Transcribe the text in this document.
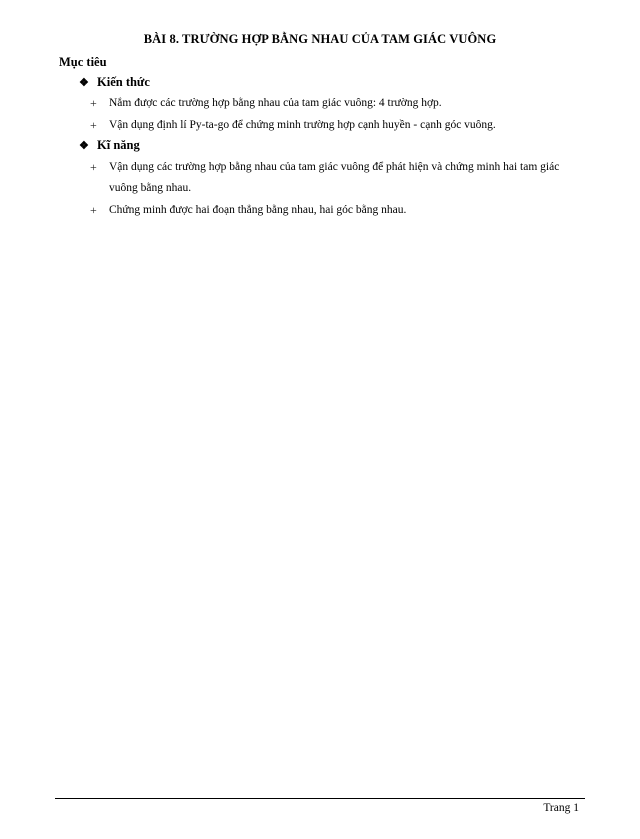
BÀI 8. TRƯỜNG HỢP BẰNG NHAU CỦA TAM GIÁC VUÔNG
Mục tiêu
❖ Kiến thức
+	Nắm được các trường hợp bằng nhau của tam giác vuông: 4 trường hợp.
+	Vận dụng định lí Py-ta-go để chứng minh trường hợp cạnh huyền - cạnh góc vuông.
❖ Kĩ năng
+	Vận dụng các trường hợp bằng nhau của tam giác vuông để phát hiện và chứng minh hai tam giác vuông bằng nhau.
+	Chứng minh được hai đoạn thẳng bằng nhau, hai góc bằng nhau.
Trang 1
